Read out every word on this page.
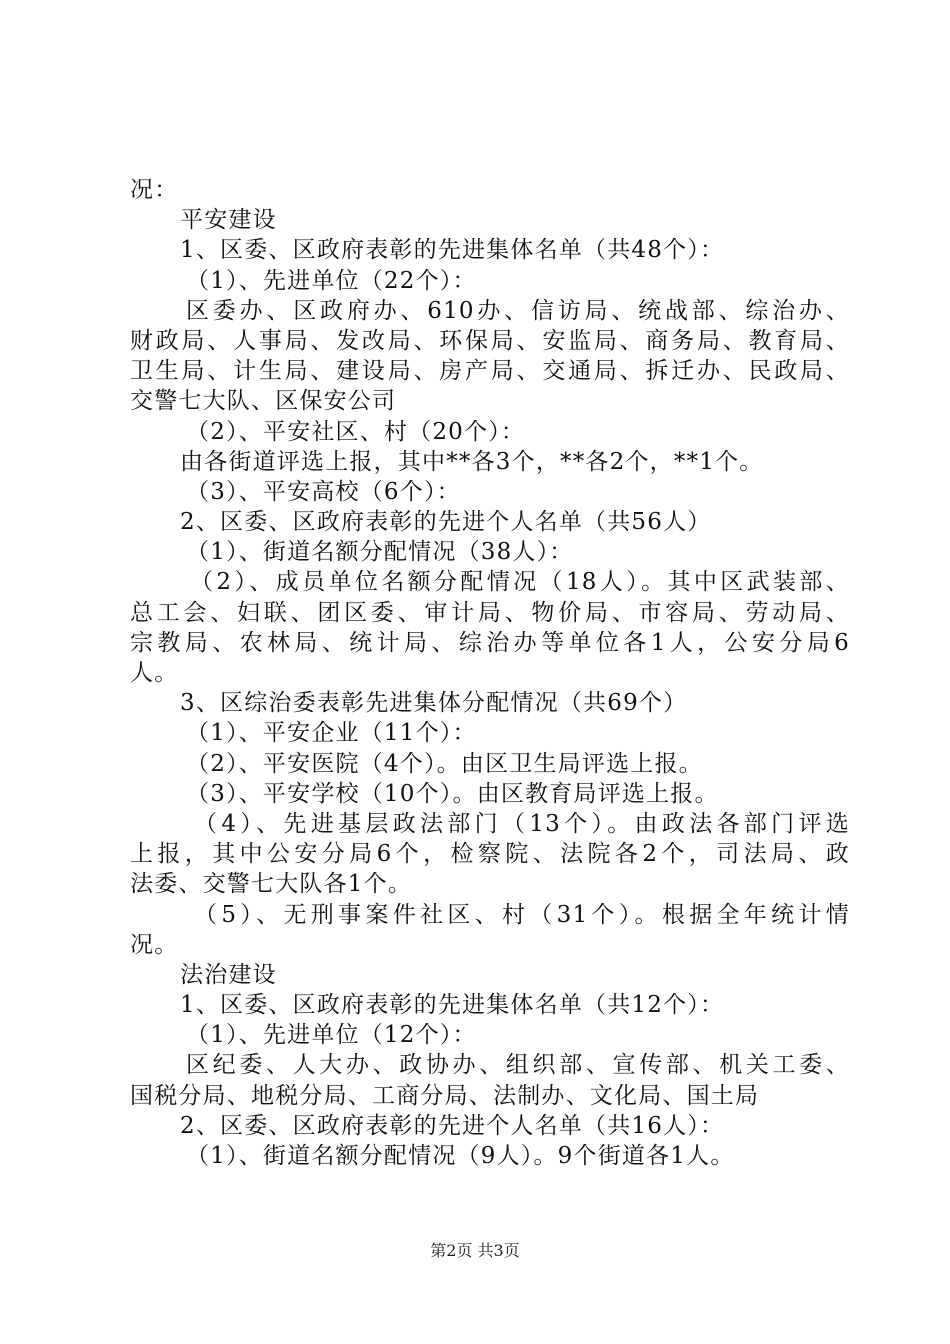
况：
平安建设
1、区委、区政府表彰的先进集体名单（共48个）：
（1）、先进单位（22个）：
区委办、区政府办、610办、信访局、统战部、综治办、
财政局、人事局、发改局、环保局、安监局、商务局、教育局、
卫生局、计生局、建设局、房产局、交通局、拆迁办、民政局、
交警七大队、区保安公司
（2）、平安社区、村（20个）：
由各街道评选上报，其中**各3个，**各2个，**1个。
（3）、平安高校（6个）：
2、区委、区政府表彰的先进个人名单（共56人）
（1）、街道名额分配情况（38人）：
（2）、成员单位名额分配情况（18人）。其中区武装部、
总工会、妇联、团区委、审计局、物价局、市容局、劳动局、
宗教局、农林局、统计局、综治办等单位各1人，公安分局6
人。
3、区综治委表彰先进集体分配情况（共69个）
（1）、平安企业（11个）：
（2）、平安医院（4个）。由区卫生局评选上报。
（3）、平安学校（10个）。由区教育局评选上报。
（4）、先进基层政法部门（13个）。由政法各部门评选
上报，其中公安分局6个，检察院、法院各2个，司法局、政
法委、交警七大队各1个。
（5）、无刑事案件社区、村（31个）。根据全年统计情
况。
法治建设
1、区委、区政府表彰的先进集体名单（共12个）：
（1）、先进单位（12个）：
区纪委、人大办、政协办、组织部、宣传部、机关工委、
国税分局、地税分局、工商分局、法制办、文化局、国土局
2、区委、区政府表彰的先进个人名单（共16人）：
（1）、街道名额分配情况（9人）。9个街道各1人。
第2页 共3页
